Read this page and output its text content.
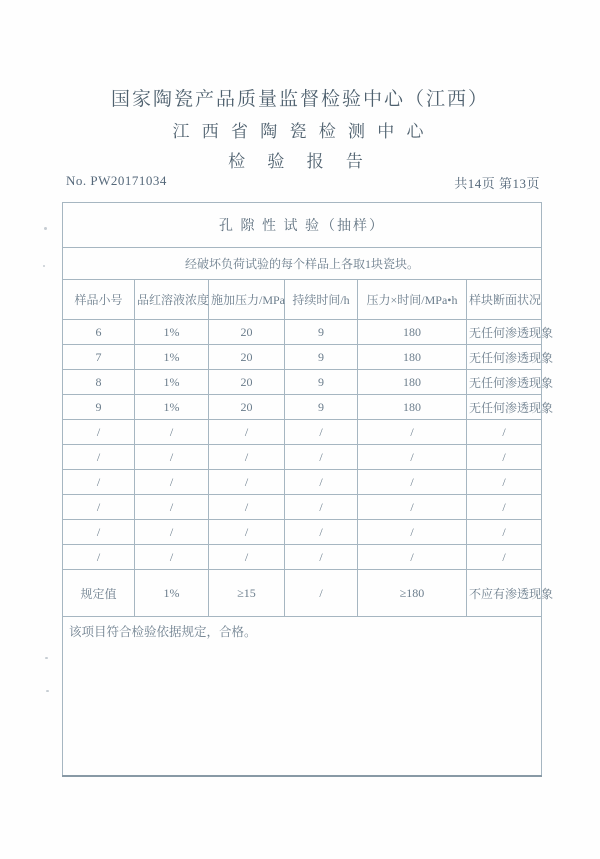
国家陶瓷产品质量监督检验中心（江西）
江 西 省 陶 瓷 检 测 中 心
检 验 报 告
No. PW20171034	共14页 第13页
孔 隙 性 试 验（抽样）					
经破坏负荷试验的每个样品上各取1块瓷块。					
样品小号	品红溶液浓度	施加压力/MPa	持续时间/h	压力×时间/MPa•h	样块断面状况
6	1%	20	9	180	无任何渗透现象
7	1%	20	9	180	无任何渗透现象
8	1%	20	9	180	无任何渗透现象
9	1%	20	9	180	无任何渗透现象
/	/	/	/	/	/
/	/	/	/	/	/
/	/	/	/	/	/
/	/	/	/	/	/
/	/	/	/	/	/
/	/	/	/	/	/
规定值	1%	≥15	/	≥180	不应有渗透现象
该项目符合检验依据规定，合格。					
